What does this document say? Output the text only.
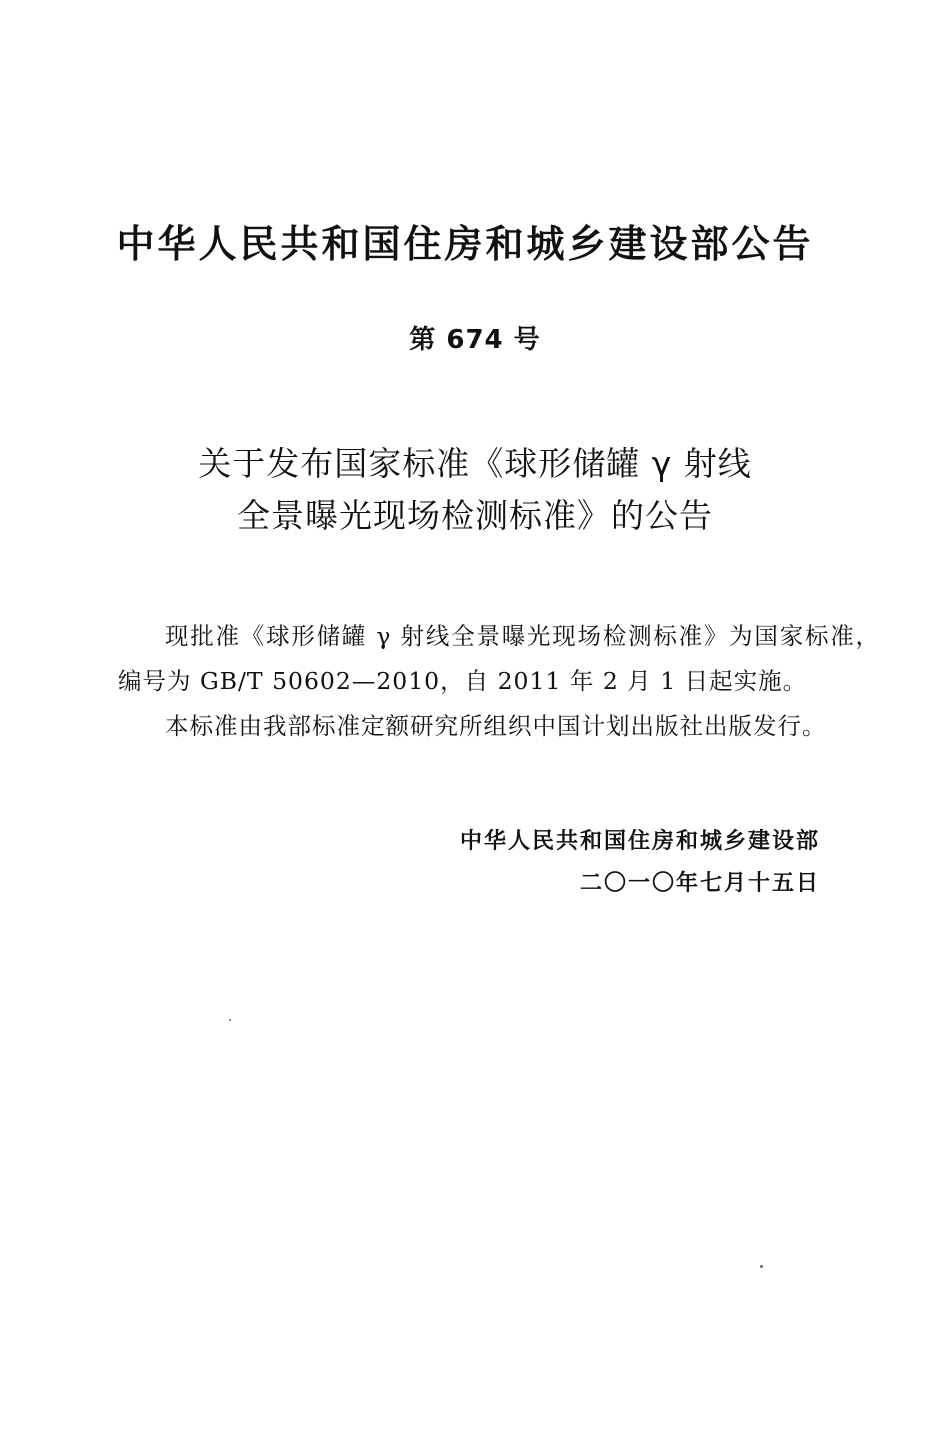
中华人民共和国住房和城乡建设部公告
第 674 号
关于发布国家标准《球形储罐 γ 射线
全景曝光现场检测标准》的公告

现批准《球形储罐 γ 射线全景曝光现场检测标准》为国家标准，编号为 GB/T 50602—2010，自 2011 年 2 月 1 日起实施。

本标准由我部标准定额研究所组织中国计划出版社出版发行。

中华人民共和国住房和城乡建设部
二〇一〇年七月十五日
